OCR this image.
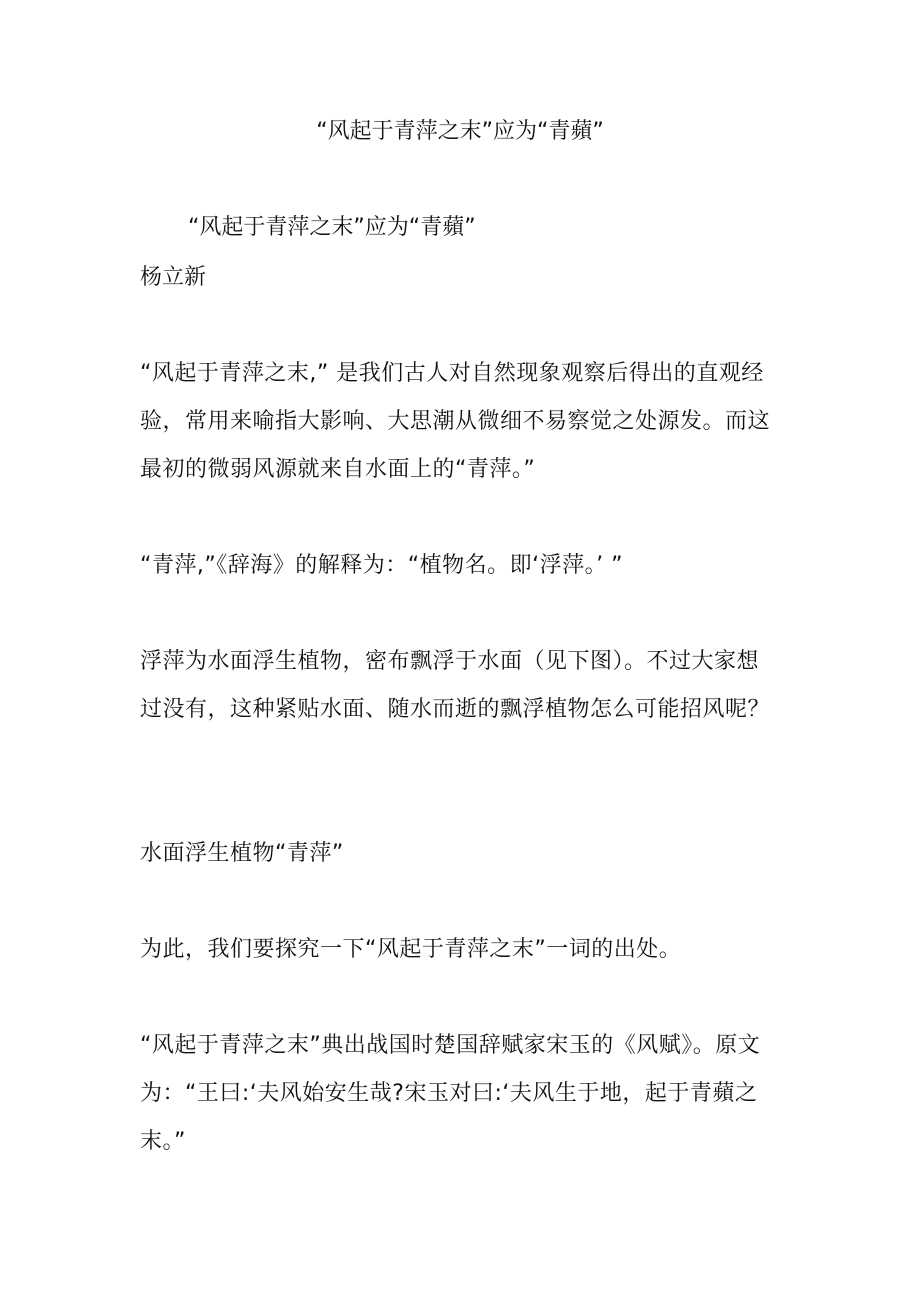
“风起于青萍之末”应为“青蘋”

“风起于青萍之末”应为“青蘋”

杨立新

“风起于青萍之末,” 是我们古人对自然现象观察后得出的直观经验，常用来喻指大影响、大思潮从微细不易察觉之处源发。而这最初的微弱风源就来自水面上的“青萍。”

“青萍,”《辞海》的解释为：“植物名。即‘浮萍。’ ”

浮萍为水面浮生植物，密布飘浮于水面（见下图）。不过大家想过没有，这种紧贴水面、随水而逝的飘浮植物怎么可能招风呢？

水面浮生植物“青萍”

为此，我们要探究一下“风起于青萍之末”一词的出处。

“风起于青萍之末”典出战国时楚国辞赋家宋玉的《风赋》。原文为：“王曰:‘夫风始安生哉?宋玉对曰:‘夫风生于地，起于青蘋之末。”
